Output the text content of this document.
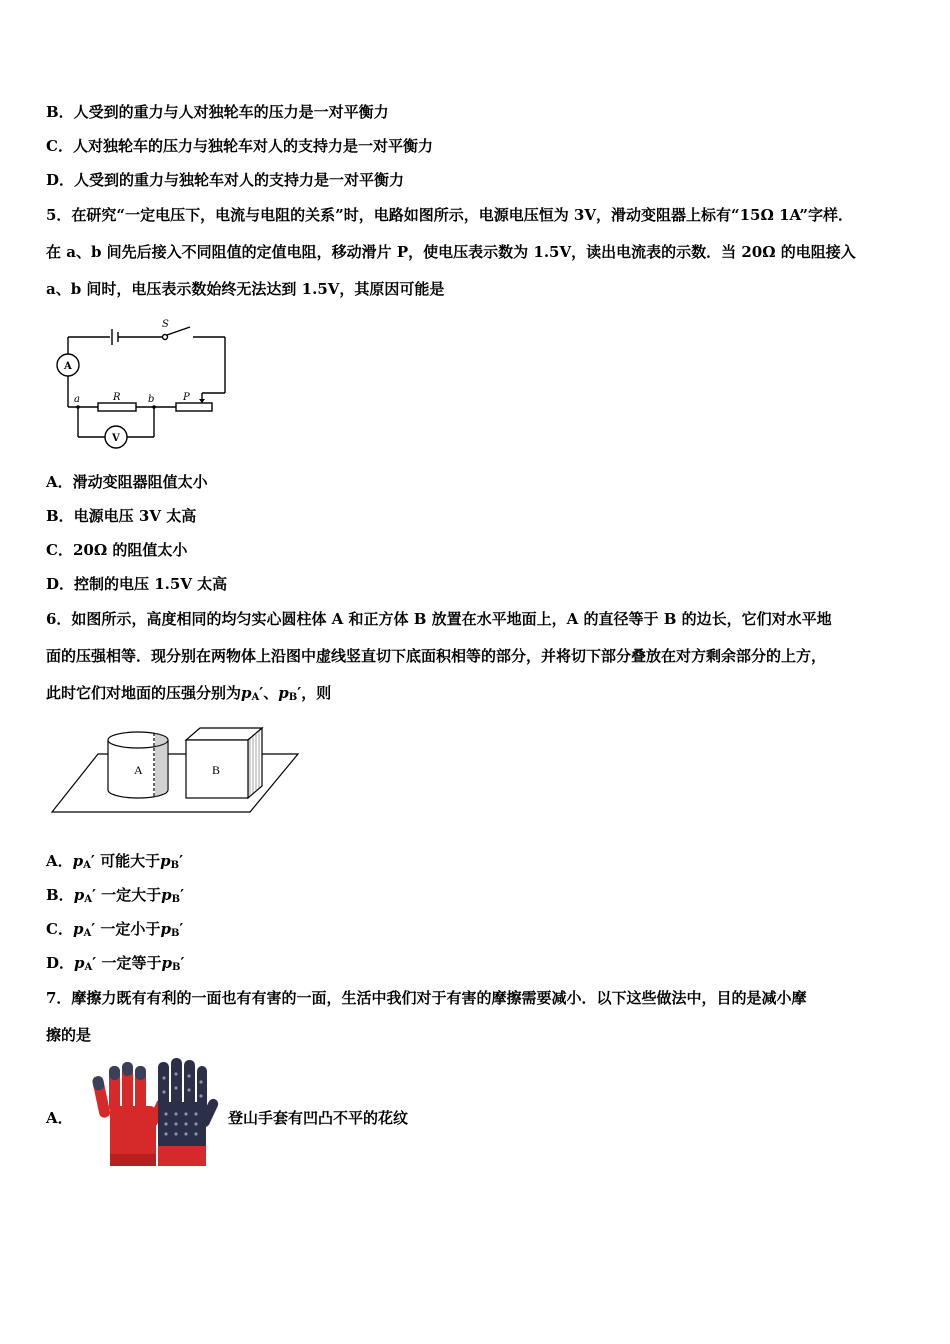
B．人受到的重力与人对独轮车的压力是一对平衡力
C．人对独轮车的压力与独轮车对人的支持力是一对平衡力
D．人受到的重力与独轮车对人的支持力是一对平衡力
5．在研究“一定电压下，电流与电阻的关系”时，电路如图所示，电源电压恒为 3V，滑动变阻器上标有“15Ω 1A”字样．
在 a、b 间先后接入不同阻值的定值电阻，移动滑片 P，使电压表示数为 1.5V，读出电流表的示数．当 20Ω 的电阻接入
a、b 间时，电压表示数始终无法达到 1.5V，其原因可能是
A
V
S
a	b
R	P
A．滑动变阻器阻值太小
B．电源电压 3V 太高
C．20Ω 的阻值太小
D．控制的电压 1.5V 太高
6．如图所示，高度相同的均匀实心圆柱体 A 和正方体 B 放置在水平地面上，A 的直径等于 B 的边长，它们对水平地
面的压强相等．现分别在两物体上沿图中虚线竖直切下底面积相等的部分，并将切下部分叠放在对方剩余部分的上方，
此时它们对地面的压强分别为$p_A'$、$p_B'$，则
A	B
A．$p_A'$ 可能大于$p_B'$
B．$p_A'$ 一定大于$p_B'$
C．$p_A'$ 一定小于$p_B'$
D．$p_A'$ 一定等于$p_B'$
7．摩擦力既有有利的一面也有有害的一面，生活中我们对于有害的摩擦需要减小．以下这些做法中，目的是减小摩
擦的是
A．	登山手套有凹凸不平的花纹
